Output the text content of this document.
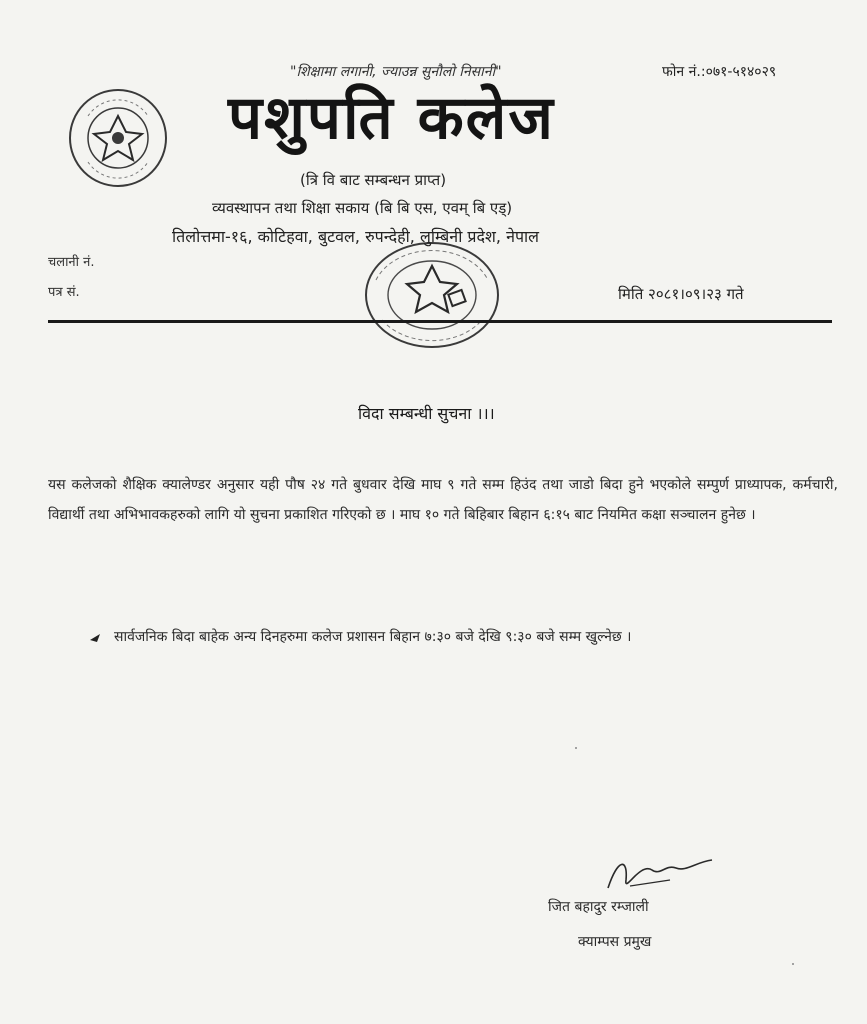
"शिक्षामा लगानी, ज्याउन्न सुनौलो निसानी"	फोन नं.:०७१-५१४०२९
पशुपति कलेज
(त्रि वि बाट सम्बन्धन प्राप्त)
व्यवस्थापन तथा शिक्षा सकाय (बि बि एस, एवम् बि एड्)
तिलोत्तमा-१६, कोटिहवा, बुटवल, रुपन्देही, लुम्बिनी प्रदेश, नेपाल
चलानी नं.
पत्र सं.	मिति २०८१।०९।२३ गते
विदा सम्बन्धी सुचना ।।।
यस कलेजको शैक्षिक क्यालेण्डर अनुसार यही पौष २४ गते बुधवार देखि माघ ९ गते सम्म हिउंद तथा जाडो बिदा हुने भएकोले सम्पुर्ण प्राध्यापक, कर्मचारी, विद्यार्थी तथा अभिभावकहरुको लागि यो सुचना प्रकाशित गरिएको छ । माघ १० गते बिहिबार बिहान ६:१५ बाट नियमित कक्षा सञ्चालन हुनेछ ।
सार्वजनिक बिदा बाहेक अन्य दिनहरुमा कलेज प्रशासन बिहान ७:३० बजे देखि ९:३० बजे सम्म खुल्नेछ ।
जित बहादुर रम्जाली
क्याम्पस प्रमुख
